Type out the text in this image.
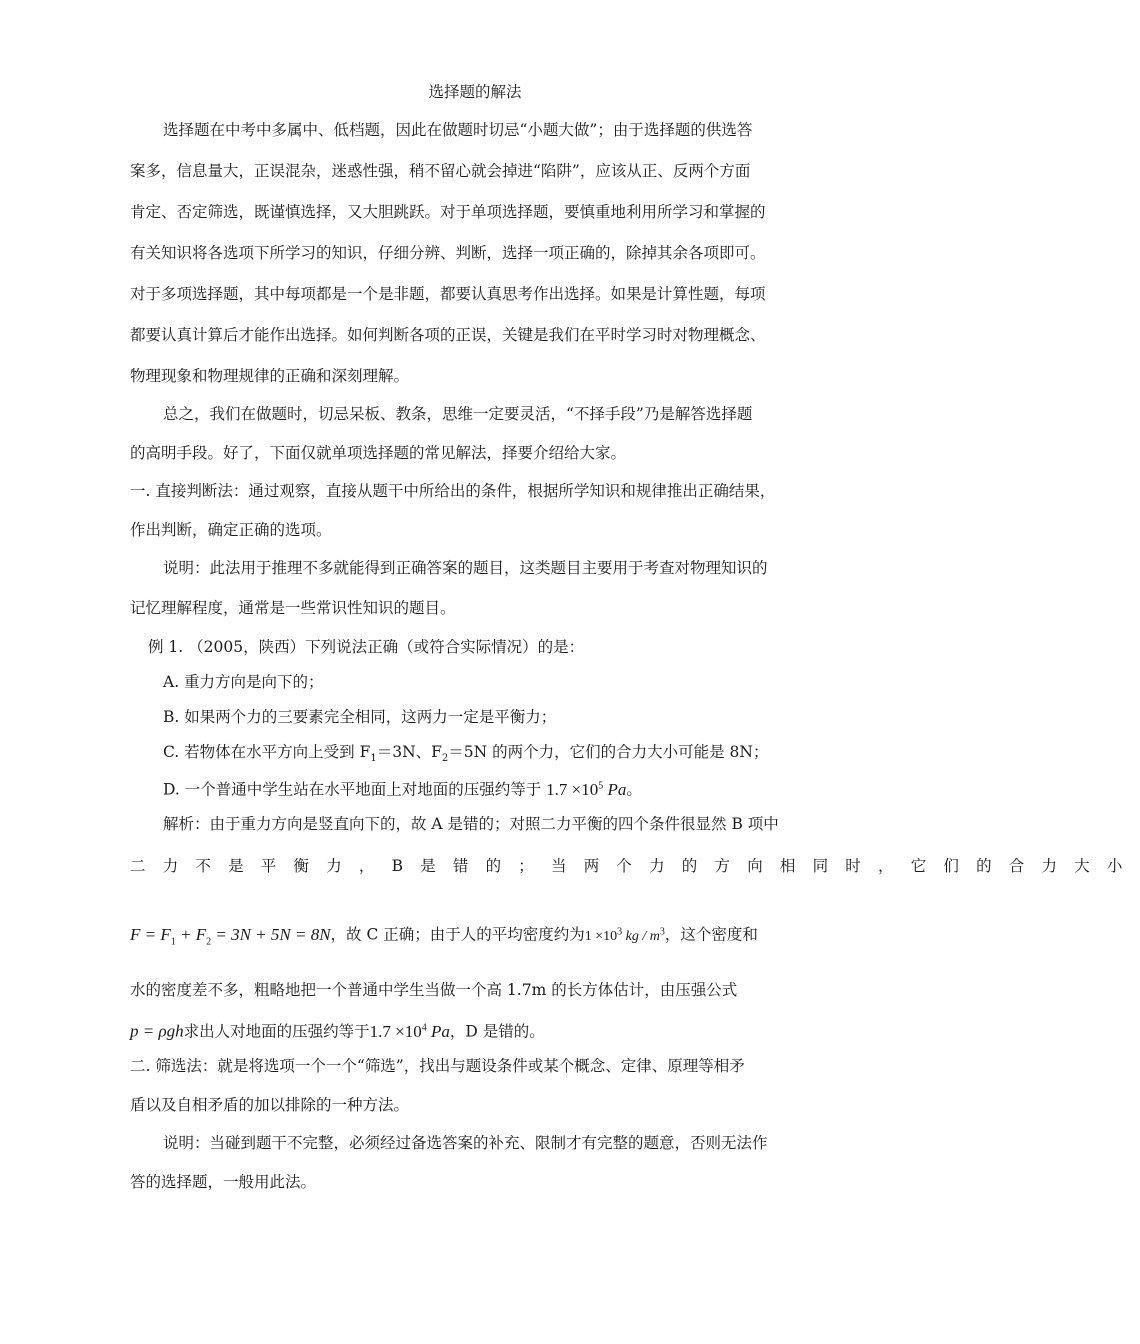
选择题的解法
选择题在中考中多属中、低档题，因此在做题时切忌“小题大做”；由于选择题的供选答
案多，信息量大，正误混杂，迷惑性强，稍不留心就会掉进“陷阱”，应该从正、反两个方面
肯定、否定筛选，既谨慎选择，又大胆跳跃。对于单项选择题，要慎重地利用所学习和掌握的
有关知识将各选项下所学习的知识，仔细分辨、判断，选择一项正确的，除掉其余各项即可。
对于多项选择题，其中每项都是一个是非题，都要认真思考作出选择。如果是计算性题，每项
都要认真计算后才能作出选择。如何判断各项的正误，关键是我们在平时学习时对物理概念、
物理现象和物理规律的正确和深刻理解。
总之，我们在做题时，切忌呆板、教条，思维一定要灵活，“不择手段”乃是解答选择题
的高明手段。好了，下面仅就单项选择题的常见解法，择要介绍给大家。
一. 直接判断法：通过观察，直接从题干中所给出的条件，根据所学知识和规律推出正确结果，
作出判断，确定正确的选项。
说明：此法用于推理不多就能得到正确答案的题目，这类题目主要用于考查对物理知识的
记忆理解程度，通常是一些常识性知识的题目。
例 1. （2005，陕西）下列说法正确（或符合实际情况）的是：
A. 重力方向是向下的；
B. 如果两个力的三要素完全相同，这两力一定是平衡力；
C. 若物体在水平方向上受到 $F_1=3N$、$F_2=5N$ 的两个力，它们的合力大小可能是 8N；
D. 一个普通中学生站在水平地面上对地面的压强约等于 $1.7 \times 10^5$ Pa。
解析：由于重力方向是竖直向下的，故 A 是错的；对照二力平衡的四个条件很显然 B 项中
二力不是平衡力，B是错的；当两个力的方向相同时，它们的合力大小
$F = F_1 + F_2 = 3N + 5N = 8N$，故 C 正确；由于人的平均密度约为$1 \times 10^3$ kg / $m^3$，这个密度和
水的密度差不多，粗略地把一个普通中学生当做一个高 1.7m 的长方体估计，由压强公式
p = ρgh求出人对地面的压强约等于$1.7 \times 10^4$ Pa，D 是错的。
二. 筛选法：就是将选项一个一个“筛选”，找出与题设条件或某个概念、定律、原理等相矛
盾以及自相矛盾的加以排除的一种方法。
说明：当碰到题干不完整，必须经过备选答案的补充、限制才有完整的题意，否则无法作
答的选择题，一般用此法。
